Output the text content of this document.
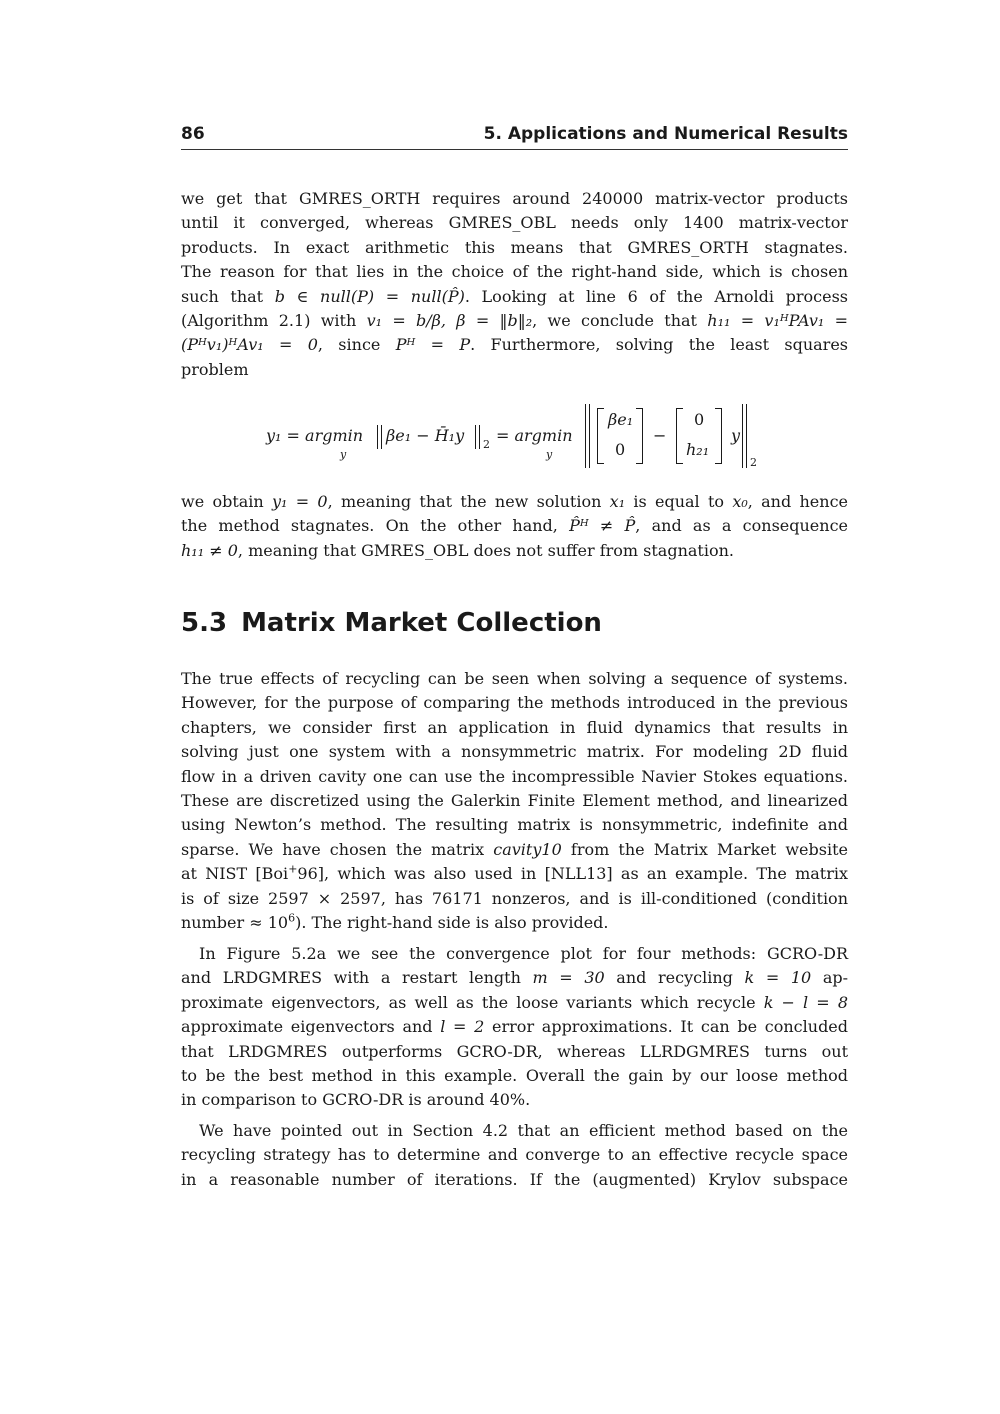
86	5. Applications and Numerical Results
we get that GMRES_ORTH requires around 240000 matrix-vector products
until it converged, whereas GMRES_OBL needs only 1400 matrix-vector
products. In exact arithmetic this means that GMRES_ORTH stagnates.
The reason for that lies in the choice of the right-hand side, which is chosen
such that b ∈ null(P) = null(P̂). Looking at line 6 of the Arnoldi process
(Algorithm 2.1) with v₁ = b/β, β = ‖b‖₂, we conclude that h₁₁ = v₁ᴴPAv₁ =
(Pᴴv₁)ᴴAv₁ = 0, since Pᴴ = P. Furthermore, solving the least squares
problem
y₁ = argmin
y
‖ βe₁ − H̄₁y ‖ 2 = argmin
y
βe₁
0
−
0
h₂₁
y
2
we obtain y₁ = 0, meaning that the new solution x₁ is equal to x₀, and hence
the method stagnates. On the other hand, P̂ᴴ ≠ P̂, and as a consequence
h₁₁ ≠ 0, meaning that GMRES_OBL does not suffer from stagnation.
5.3 Matrix Market Collection
The true effects of recycling can be seen when solving a sequence of systems.
However, for the purpose of comparing the methods introduced in the previous
chapters, we consider first an application in fluid dynamics that results in
solving just one system with a nonsymmetric matrix. For modeling 2D fluid
flow in a driven cavity one can use the incompressible Navier Stokes equations.
These are discretized using the Galerkin Finite Element method, and linearized
using Newton’s method. The resulting matrix is nonsymmetric, indefinite and
sparse. We have chosen the matrix cavity10 from the Matrix Market website
at NIST [Boi+96], which was also used in [NLL13] as an example. The matrix
is of size 2597 × 2597, has 76171 nonzeros, and is ill-conditioned (condition
number ≈ $10^6$). The right-hand side is also provided.
In Figure 5.2a we see the convergence plot for four methods: GCRO-DR
and LRDGMRES with a restart length m = 30 and recycling k = 10 ap-
proximate eigenvectors, as well as the loose variants which recycle k − l = 8
approximate eigenvectors and l = 2 error approximations. It can be concluded
that LRDGMRES outperforms GCRO-DR, whereas LLRDGMRES turns out
to be the best method in this example. Overall the gain by our loose method
in comparison to GCRO-DR is around 40%.
We have pointed out in Section 4.2 that an efficient method based on the
recycling strategy has to determine and converge to an effective recycle space
in a reasonable number of iterations. If the (augmented) Krylov subspace
